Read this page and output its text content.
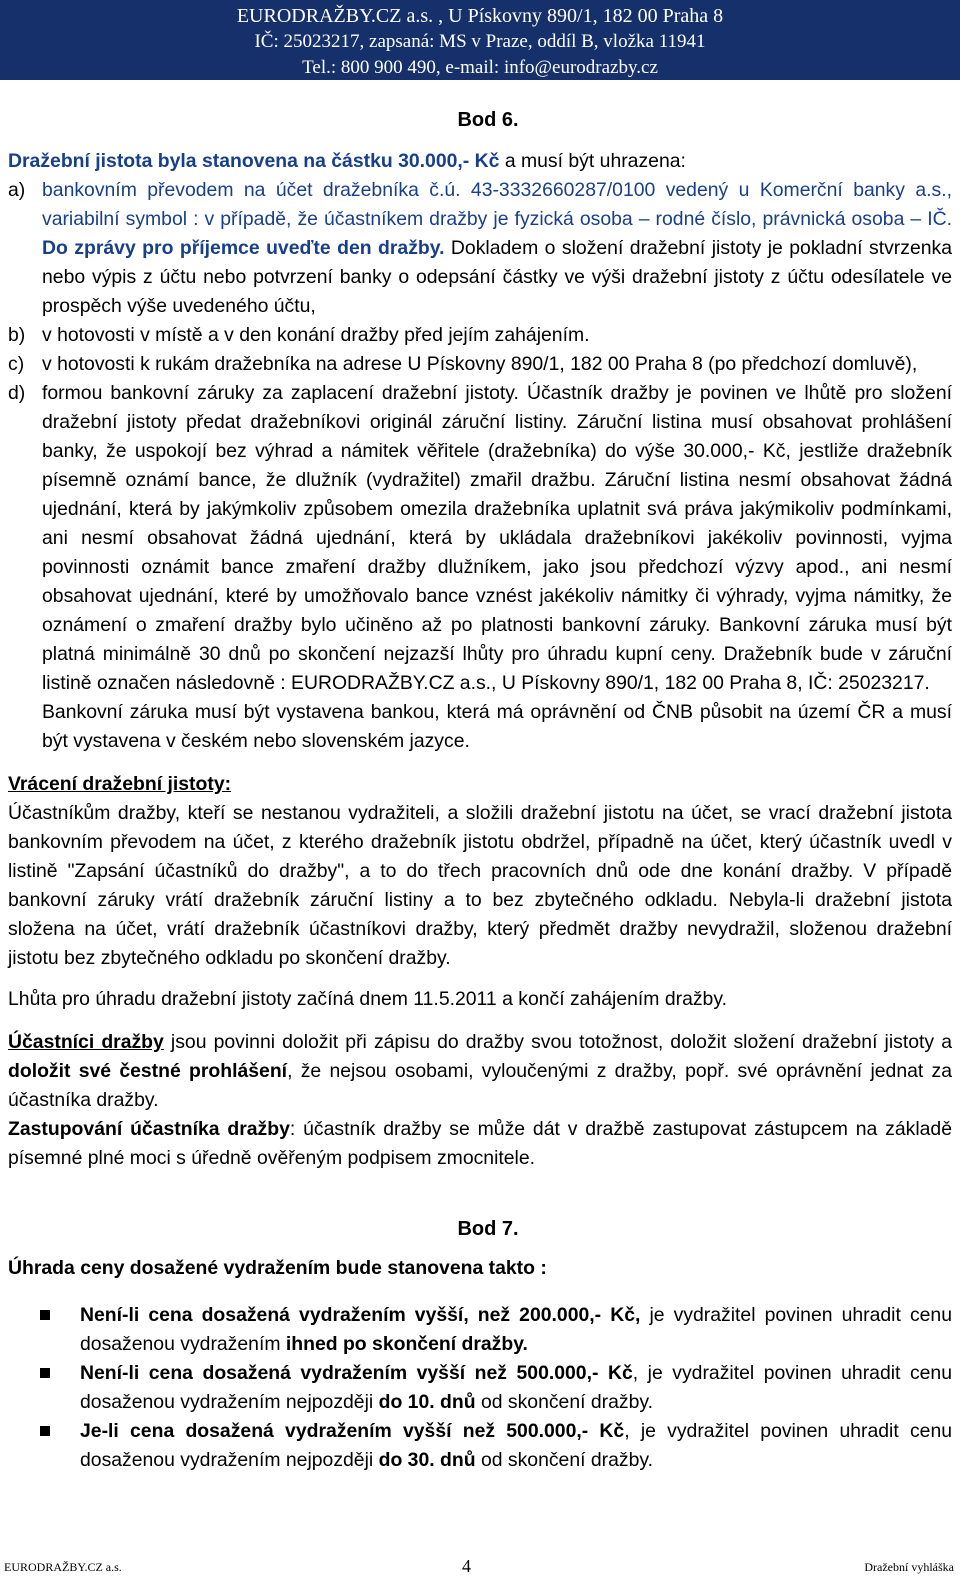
EURODRAŽBY.CZ a.s. , U Pískovny 890/1, 182 00 Praha 8
IČ: 25023217, zapsaná: MS v Praze, oddíl B, vložka 11941
Tel.: 800 900 490, e-mail: info@eurodrazby.cz

Bod 6.

Dražební jistota byla stanovena na částku 30.000,- Kč a musí být uhrazena:

a) bankovním převodem na účet dražebníka č.ú. 43-3332660287/0100 vedený u Komerční banky a.s., variabilní symbol : v případě, že účastníkem dražby je fyzická osoba – rodné číslo, právnická osoba – IČ. Do zprávy pro příjemce uveďte den dražby. Dokladem o složení dražební jistoty je pokladní stvrzenka nebo výpis z účtu nebo potvrzení banky o odepsání částky ve výši dražební jistoty z účtu odesílatele ve prospěch výše uvedeného účtu,
b) v hotovosti v místě a v den konání dražby před jejím zahájením.
c) v hotovosti k rukám dražebníka na adrese U Pískovny 890/1, 182 00 Praha 8 (po předchozí domluvě),
d) formou bankovní záruky za zaplacení dražební jistoty. Účastník dražby je povinen ve lhůtě pro složení dražební jistoty předat dražebníkovi originál záruční listiny. Záruční listina musí obsahovat prohlášení banky, že uspokojí bez výhrad a námitek věřitele (dražebníka) do výše 30.000,- Kč, jestliže dražebník písemně oznámí bance, že dlužník (vydražitel) zmařil dražbu. Záruční listina nesmí obsahovat žádná ujednání, která by jakýmkoliv způsobem omezila dražebníka uplatnit svá práva jakýmikoliv podmínkami, ani nesmí obsahovat žádná ujednání, která by ukládala dražebníkovi jakékoliv povinnosti, vyjma povinnosti oznámit bance zmaření dražby dlužníkem, jako jsou předchozí výzvy apod., ani nesmí obsahovat ujednání, které by umožňovalo bance vznést jakékoliv námitky či výhrady, vyjma námitky, že oznámení o zmaření dražby bylo učiněno až po platnosti bankovní záruky. Bankovní záruka musí být platná minimálně 30 dnů po skončení nejzazší lhůty pro úhradu kupní ceny. Dražebník bude v záruční listině označen následovně : EURODRAŽBY.CZ a.s., U Pískovny 890/1, 182 00 Praha 8, IČ: 25023217.

Bankovní záruka musí být vystavena bankou, která má oprávnění od ČNB působit na území ČR a musí být vystavena v českém nebo slovenském jazyce.

Vrácení dražební jistoty:

Účastníkům dražby, kteří se nestanou vydražiteli, a složili dražební jistotu na účet, se vrací dražební jistota bankovním převodem na účet, z kterého dražebník jistotu obdržel, případně na účet, který účastník uvedl v listině "Zapsání účastníků do dražby", a to do třech pracovních dnů ode dne konání dražby. V případě bankovní záruky vrátí dražebník záruční listiny a to bez zbytečného odkladu. Nebyla-li dražební jistota složena na účet, vrátí dražebník účastníkovi dražby, který předmět dražby nevydražil, složenou dražební jistotu bez zbytečného odkladu po skončení dražby.

Lhůta pro úhradu dražební jistoty začíná dnem 11.5.2011 a končí zahájením dražby.

Účastníci dražby jsou povinni doložit při zápisu do dražby svou totožnost, doložit složení dražební jistoty a doložit své čestné prohlášení, že nejsou osobami, vyloučenými z dražby, popř. své oprávnění jednat za účastníka dražby.

Zastupování účastníka dražby: účastník dražby se může dát v dražbě zastupovat zástupcem na základě písemné plné moci s úředně ověřeným podpisem zmocnitele.

Bod 7.

Úhrada ceny dosažené vydražením bude stanovena takto :

Není-li cena dosažená vydražením vyšší, než 200.000,- Kč, je vydražitel povinen uhradit cenu dosaženou vydražením ihned po skončení dražby.
Není-li cena dosažená vydražením vyšší než 500.000,- Kč, je vydražitel povinen uhradit cenu dosaženou vydražením nejpozději do 10. dnů od skončení dražby.
Je-li cena dosažená vydražením vyšší než 500.000,- Kč, je vydražitel povinen uhradit cenu dosaženou vydražením nejpozději do 30. dnů od skončení dražby.
EURODRAŽBY.CZ a.s.	4	Dražební vyhláška
